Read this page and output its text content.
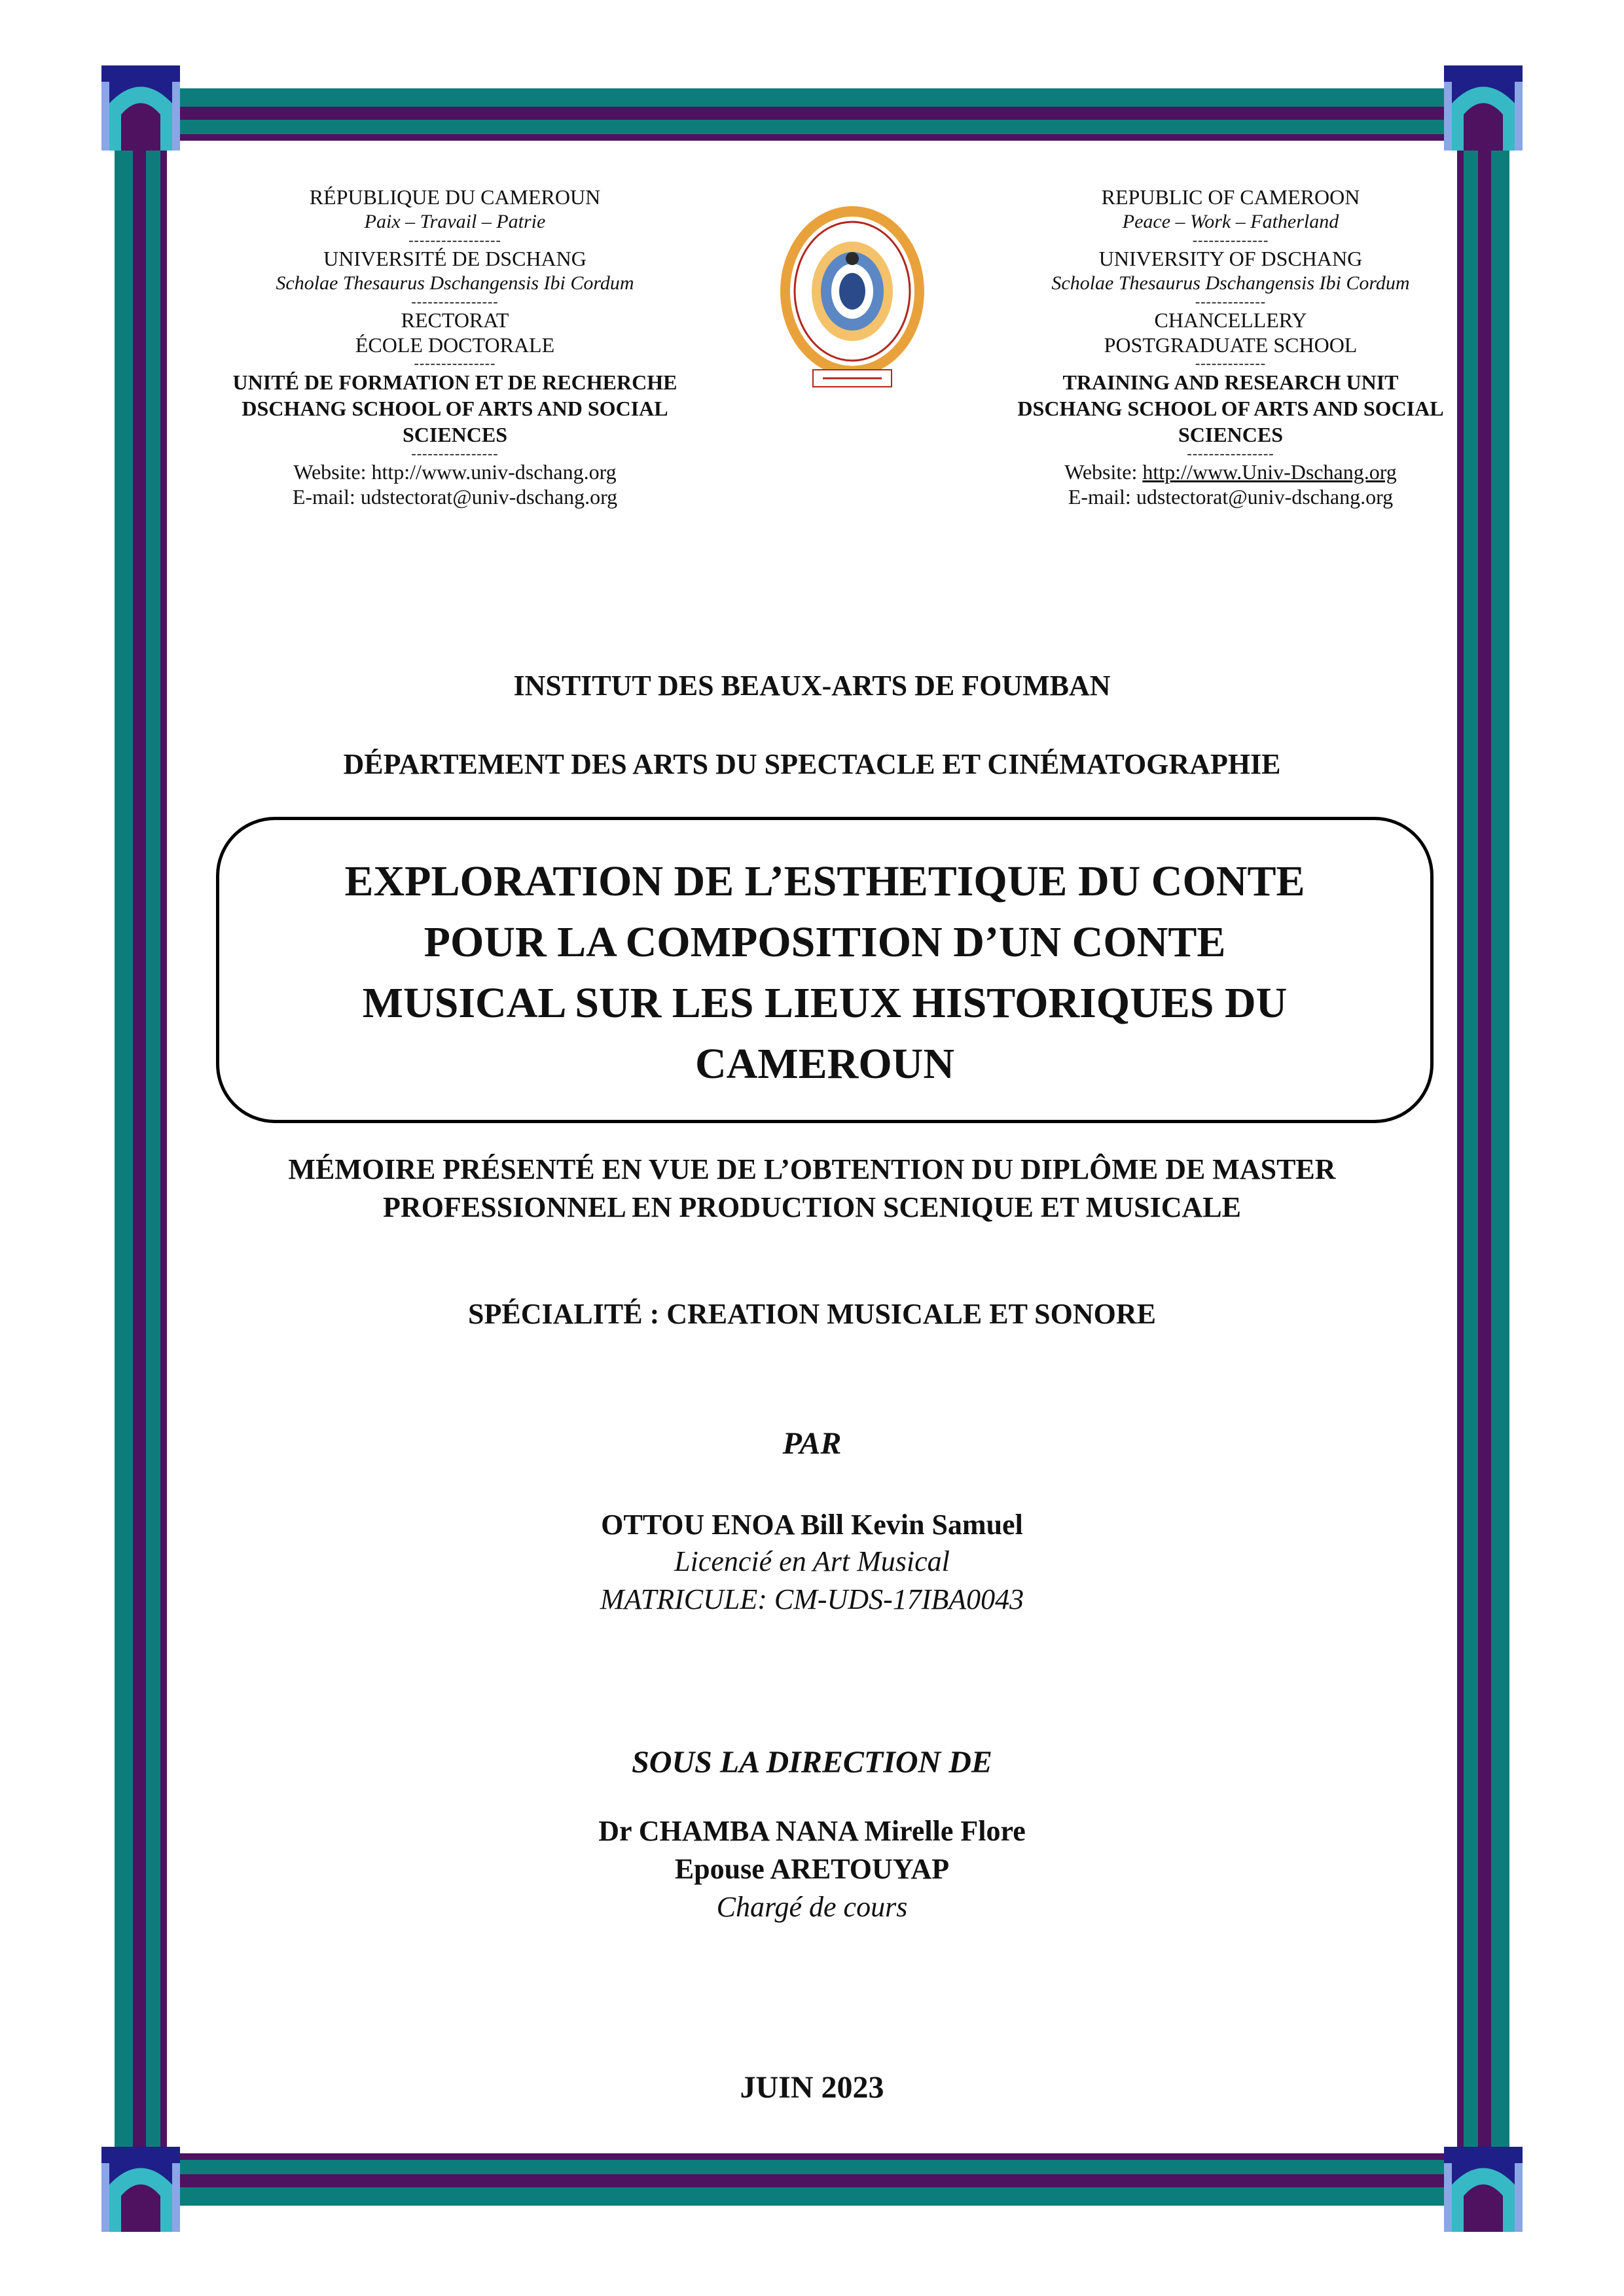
RÉPUBLIQUE DU CAMEROUN
Paix – Travail – Patrie
-----------------
UNIVERSITÉ DE DSCHANG
Scholae Thesaurus Dschangensis Ibi Cordum
----------------
RECTORAT
ÉCOLE DOCTORALE
---------------
UNITÉ DE FORMATION ET DE RECHERCHE
DSCHANG SCHOOL OF ARTS AND SOCIAL
SCIENCES
----------------
Website: http://www.univ-dschang.org
E-mail: udstectorat@univ-dschang.org
REPUBLIC OF CAMEROON
Peace – Work – Fatherland
--------------
UNIVERSITY OF DSCHANG
Scholae Thesaurus Dschangensis Ibi Cordum
-------------
CHANCELLERY
POSTGRADUATE SCHOOL
-------------
TRAINING AND RESEARCH UNIT
DSCHANG SCHOOL OF ARTS AND SOCIAL
SCIENCES
----------------
Website: http://www.Univ-Dschang.org
E-mail: udstectorat@univ-dschang.org
INSTITUT DES BEAUX-ARTS DE FOUMBAN
DÉPARTEMENT DES ARTS DU SPECTACLE ET CINÉMATOGRAPHIE
EXPLORATION DE L’ESTHETIQUE DU CONTE
POUR LA COMPOSITION D’UN CONTE
MUSICAL SUR LES LIEUX HISTORIQUES DU
CAMEROUN
MÉMOIRE PRÉSENTÉ EN VUE DE L’OBTENTION DU DIPLÔME DE MASTER
PROFESSIONNEL EN PRODUCTION SCENIQUE ET MUSICALE
SPÉCIALITÉ : CREATION MUSICALE ET SONORE
PAR
OTTOU ENOA Bill Kevin Samuel
Licencié en Art Musical
MATRICULE: CM-UDS-17IBA0043
SOUS LA DIRECTION DE
Dr CHAMBA NANA Mirelle Flore
Epouse ARETOUYAP
Chargé de cours
JUIN 2023
